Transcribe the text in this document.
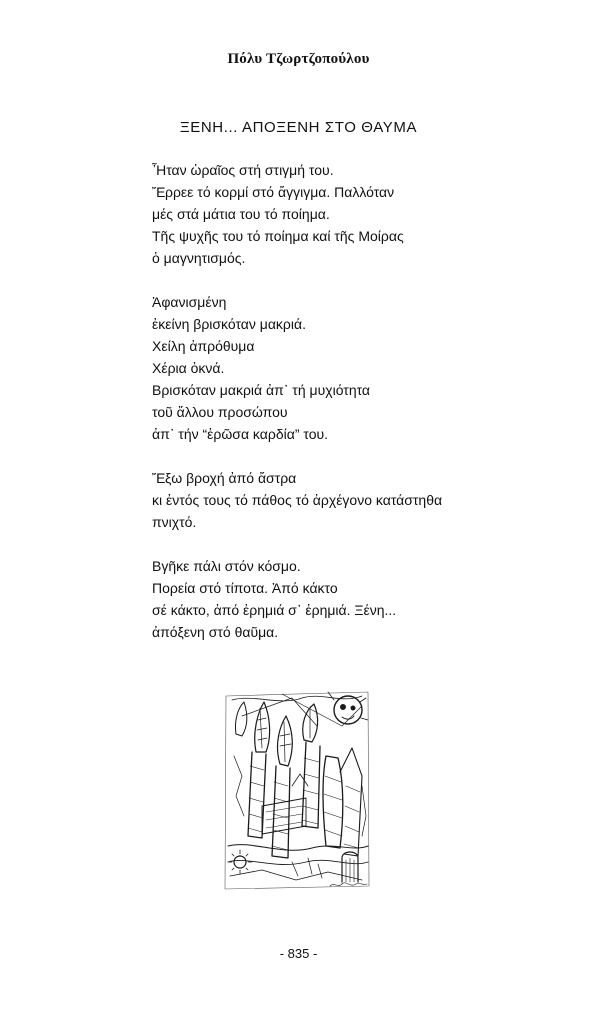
Πόλυ Τζωρτζοπούλου
ΞΕΝΗ... ΑΠΟΞΕΝΗ ΣΤΟ ΘΑΥΜΑ
Ἦταν ὡραῖος στή στιγμή του.
Ἔρρεε τό κορμί στό ἄγγιγμα. Παλλόταν
μές στά μάτια του τό ποίημα.
Τῆς ψυχῆς του τό ποίημα καί τῆς Μοίρας
ὁ μαγνητισμός.
Ἀφανισμένη
ἐκείνη βρισκόταν μακριά.
Χείλη ἀπρόθυμα
Χέρια ὀκνά.
Βρισκόταν μακριά ἀπ᾽ τή μυχιότητα
τοῦ ἄλλου προσώπου
ἀπ᾽ τήν “ἐρῶσα καρδία” του.
Ἔξω βροχή ἀπό ἄστρα
κι ἐντός τους τό πάθος τό ἀρχέγονο κατάστηθα
πνιχτό.
Βγῆκε πάλι στόν κόσμο.
Πορεία στό τίποτα. Ἀπό κάκτο
σέ κάκτο, ἀπό ἐρημιά σ᾽ ἐρημιά. Ξένη...
ἀπόξενη στό θαῦμα.
- 835 -
